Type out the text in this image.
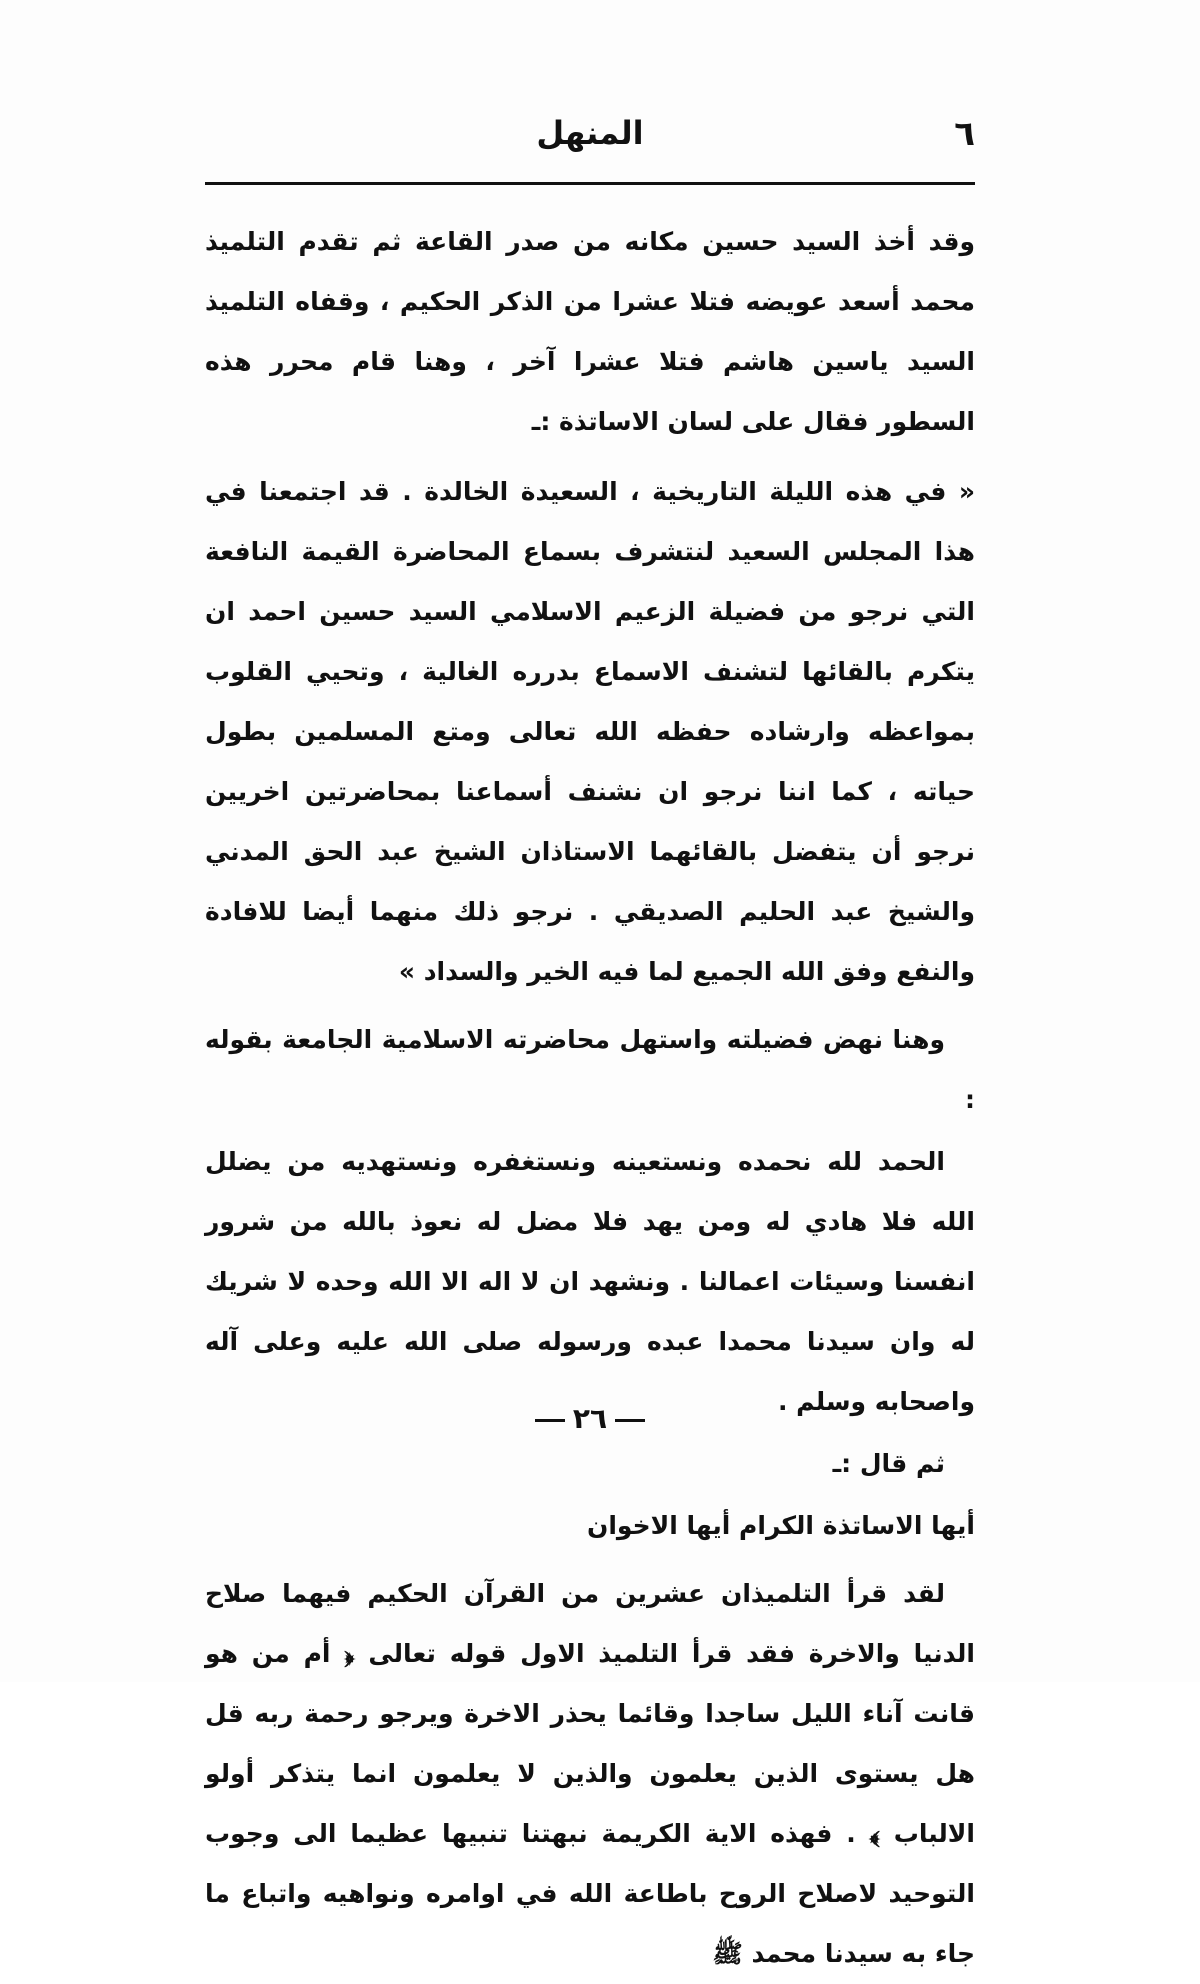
٦
المنهل

وقد أخذ السيد حسين مكانه من صدر القاعة ثم تقدم التلميذ محمد أسعد عويضه فتلا عشرا من الذكر الحكيم ، وقفاه التلميذ السيد ياسين هاشم فتلا عشرا آخر ، وهنا قام محرر هذه السطور فقال على لسان الاساتذة :ـ

« في هذه الليلة التاريخية ، السعيدة الخالدة . قد اجتمعنا في هذا المجلس السعيد لنتشرف بسماع المحاضرة القيمة النافعة التي نرجو من فضيلة الزعيم الاسلامي السيد حسين احمد ان يتكرم بالقائها لتشنف الاسماع بدرره الغالية ، وتحيي القلوب بمواعظه وارشاده حفظه الله تعالى ومتع المسلمين بطول حياته ، كما اننا نرجو ان نشنف أسماعنا بمحاضرتين اخريين نرجو أن يتفضل بالقائهما الاستاذان الشيخ عبد الحق المدني والشيخ عبد الحليم الصديقي . نرجو ذلك منهما أيضا للافادة والنفع وفق الله الجميع لما فيه الخير والسداد »

وهنا نهض فضيلته واستهل محاضرته الاسلامية الجامعة بقوله :

الحمد لله نحمده ونستعينه ونستغفره ونستهديه من يضلل الله فلا هادي له ومن يهد فلا مضل له نعوذ بالله من شرور انفسنا وسيئات اعمالنا . ونشهد ان لا اله الا الله وحده لا شريك له وان سيدنا محمدا عبده ورسوله صلى الله عليه وعلى آله واصحابه وسلم .

ثم قال :ـ

أيها الاساتذة الكرام أيها الاخوان

لقد قرأ التلميذان عشرين من القرآن الحكيم فيهما صلاح الدنيا والاخرة فقد قرأ التلميذ الاول قوله تعالى ﴿ أم من هو قانت آناء الليل ساجدا وقائما يحذر الاخرة ويرجو رحمة ربه قل هل يستوى الذين يعلمون والذين لا يعلمون انما يتذكر أولو الالباب ﴾ . فهذه الاية الكريمة نبهتنا تنبيها عظيما الى وجوب التوحيد لاصلاح الروح باطاعة الله في اوامره ونواهيه واتباع ما جاء به سيدنا محمد ﷺ

٢٦
